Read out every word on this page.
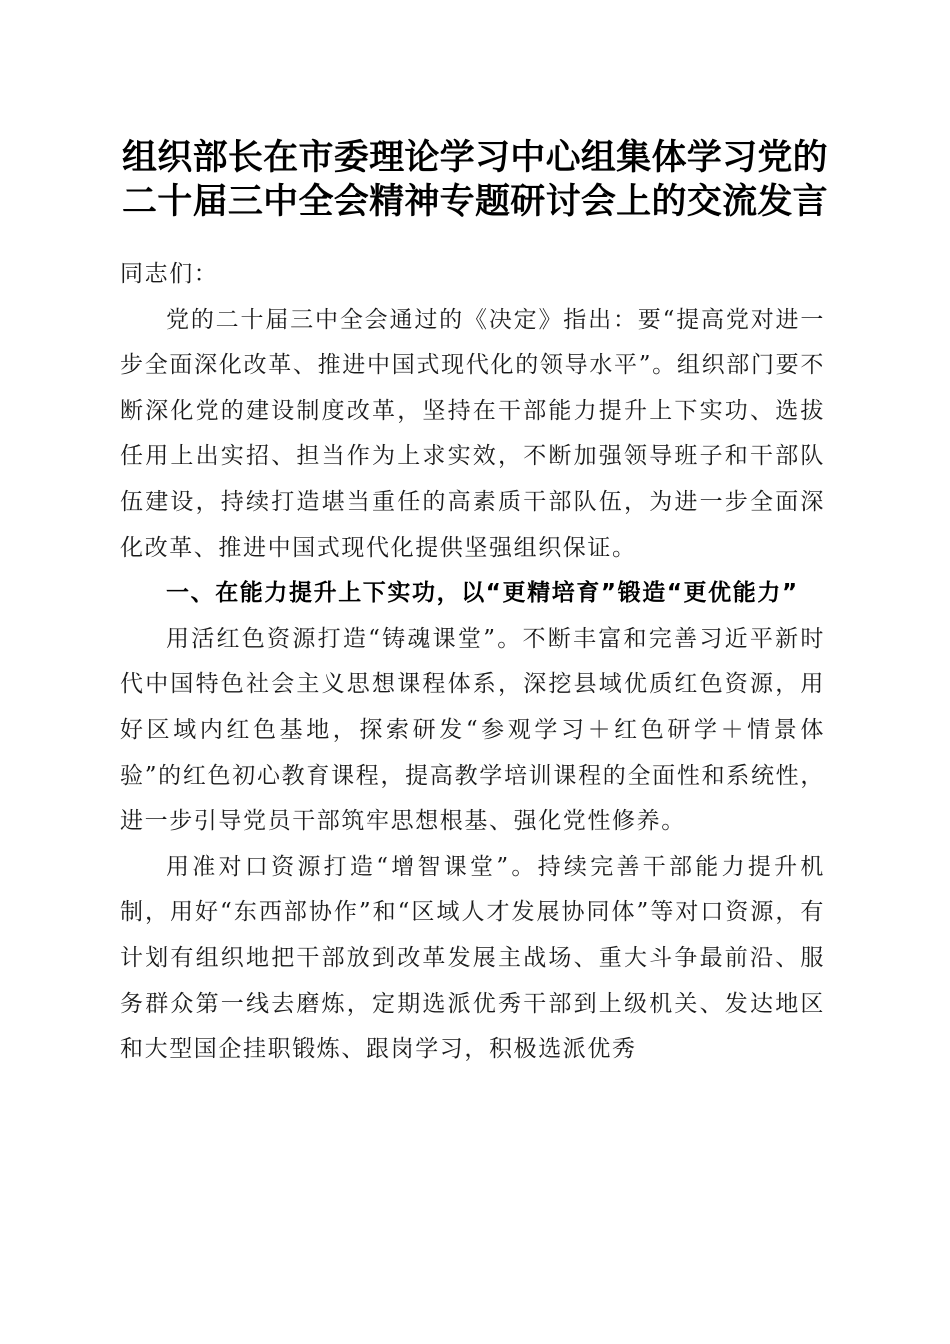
组织部长在市委理论学习中心组集体学习党的
二十届三中全会精神专题研讨会上的交流发言

同志们：

党的二十届三中全会通过的《决定》指出：要“提高党对进一步全面深化改革、推进中国式现代化的领导水平”。组织部门要不断深化党的建设制度改革，坚持在干部能力提升上下实功、选拔任用上出实招、担当作为上求实效，不断加强领导班子和干部队伍建设，持续打造堪当重任的高素质干部队伍，为进一步全面深化改革、推进中国式现代化提供坚强组织保证。

一、在能力提升上下实功，以“更精培育”锻造“更优能力”

用活红色资源打造“铸魂课堂”。不断丰富和完善习近平新时代中国特色社会主义思想课程体系，深挖县域优质红色资源，用好区域内红色基地，探索研发“参观学习＋红色研学＋情景体验”的红色初心教育课程，提高教学培训课程的全面性和系统性，进一步引导党员干部筑牢思想根基、强化党性修养。

用准对口资源打造“增智课堂”。持续完善干部能力提升机制，用好“东西部协作”和“区域人才发展协同体”等对口资源，有计划有组织地把干部放到改革发展主战场、重大斗争最前沿、服务群众第一线去磨炼，定期选派优秀干部到上级机关、发达地区和大型国企挂职锻炼、跟岗学习，积极选派优秀
